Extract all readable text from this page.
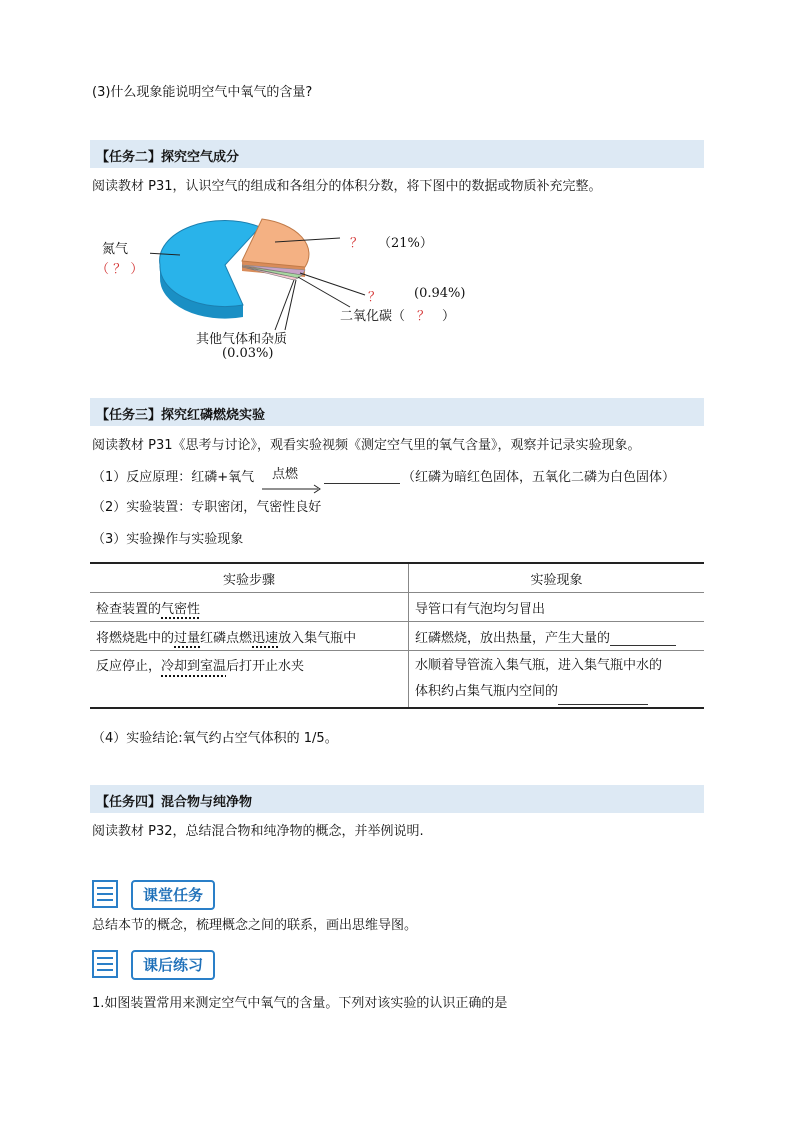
(3)什么现象能说明空气中氧气的含量?
【任务二】探究空气成分
阅读教材 P31，认识空气的组成和各组分的体积分数，将下图中的数据或物质补充完整。
氮气
（ ？ ）
？ （21%）
？	(0.94%)
二氧化碳（ ？ ）
其他气体和杂质
(0.03%)
【任务三】探究红磷燃烧实验
阅读教材 P31《思考与讨论》，观看实验视频《测定空气里的氧气含量》，观察并记录实验现象。
（1）反应原理：红磷+氧气 点燃	（红磷为暗红色固体，五氧化二磷为白色固体）
（2）实验装置：专职密闭，气密性良好
（3）实验操作与实验现象
实验步骤	实验现象
检查装置的气密性	导管口有气泡均匀冒出
将燃烧匙中的过量红磷点燃迅速放入集气瓶中	红磷燃烧，放出热量，产生大量的
反应停止，冷却到室温后打开止水夹	水顺着导管流入集气瓶，进入集气瓶中水的
体积约占集气瓶内空间的
（4）实验结论:氧气约占空气体积的 1/5。
【任务四】混合物与纯净物
阅读教材 P32，总结混合物和纯净物的概念，并举例说明.
课堂任务
总结本节的概念，梳理概念之间的联系，画出思维导图。
课后练习
1.如图装置常用来测定空气中氧气的含量。下列对该实验的认识正确的是
